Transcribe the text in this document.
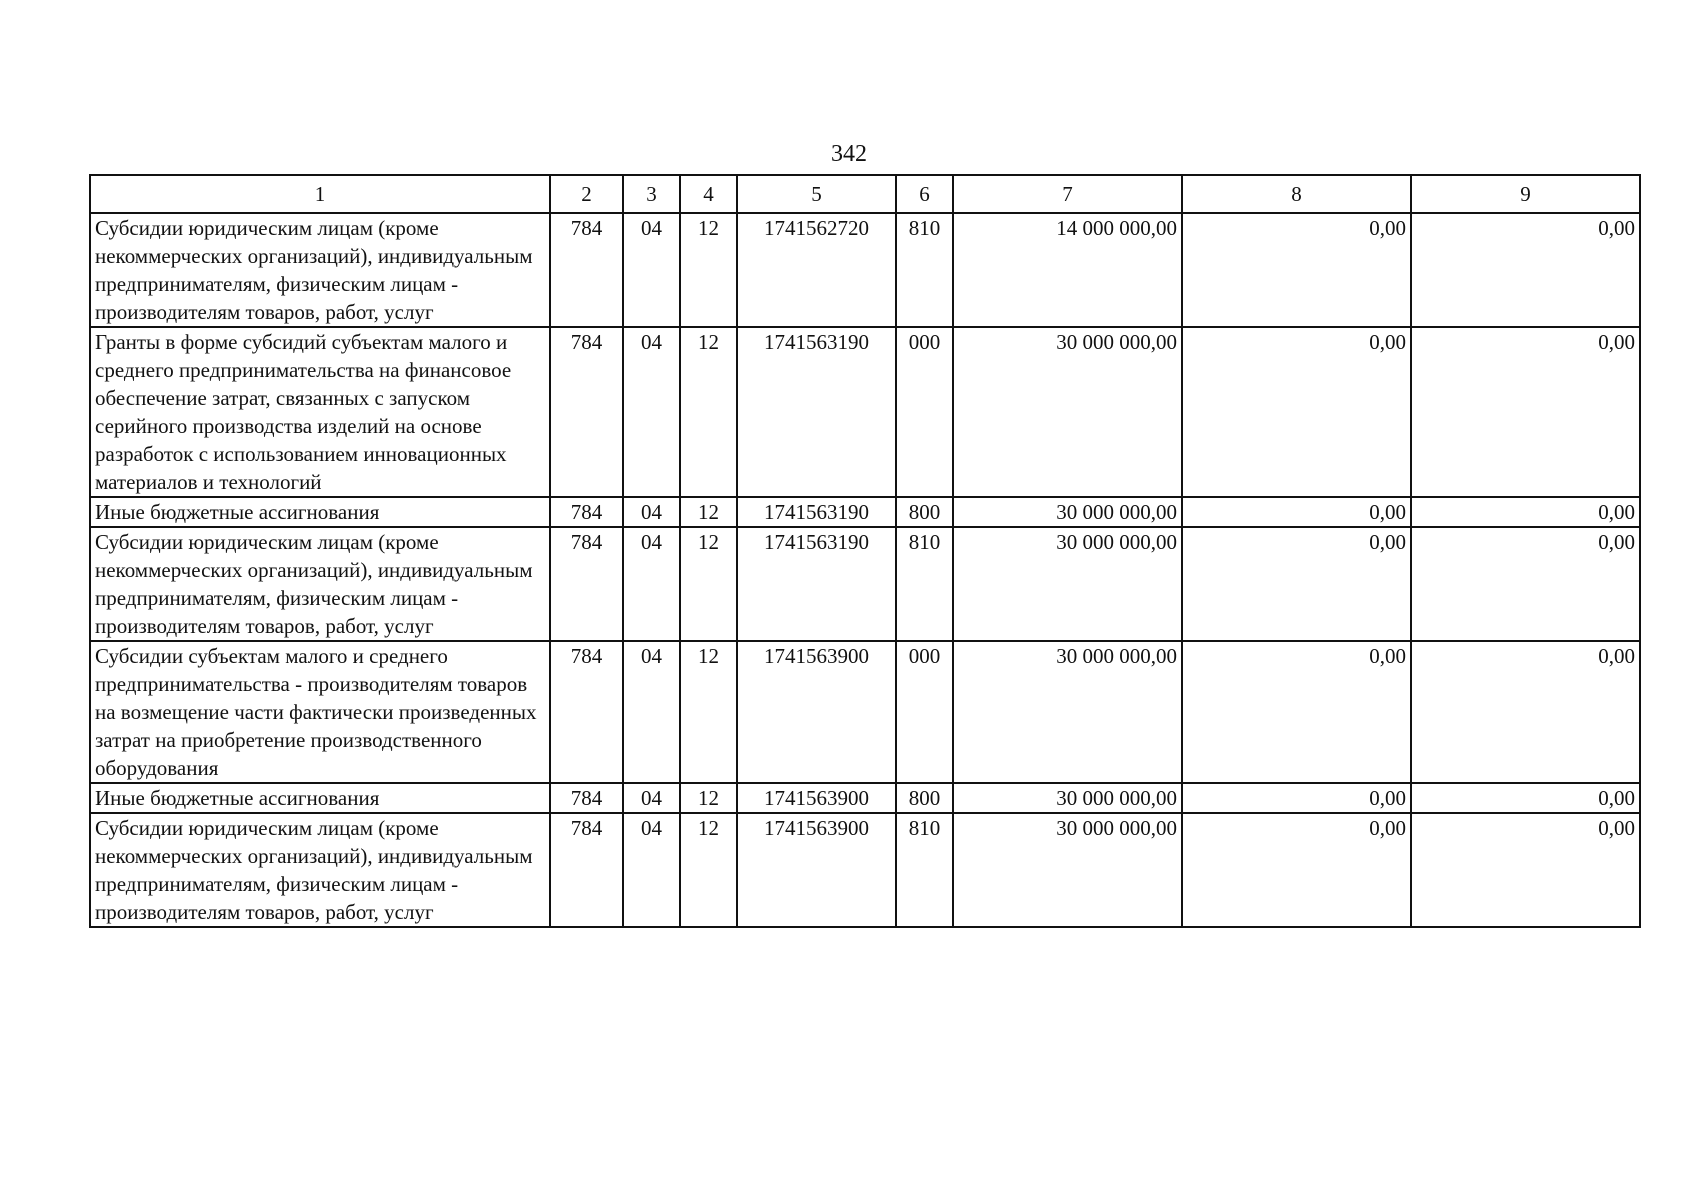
342
1	2	3	4	5	6	7	8	9
Субсидии юридическим лицам (кроме некоммерческих организаций), индивидуальным предпринимателям, физическим лицам - производителям товаров, работ, услуг	784	04	12	1741562720	810	14 000 000,00	0,00	0,00
Гранты в форме субсидий субъектам малого и среднего предпринимательства на финансовое обеспечение затрат, связанных с запуском серийного производства изделий на основе разработок с использованием инновационных материалов и технологий	784	04	12	1741563190	000	30 000 000,00	0,00	0,00
Иные бюджетные ассигнования	784	04	12	1741563190	800	30 000 000,00	0,00	0,00
Субсидии юридическим лицам (кроме некоммерческих организаций), индивидуальным предпринимателям, физическим лицам - производителям товаров, работ, услуг	784	04	12	1741563190	810	30 000 000,00	0,00	0,00
Субсидии субъектам малого и среднего предпринимательства - производителям товаров на возмещение части фактически произведенных затрат на приобретение производственного оборудования	784	04	12	1741563900	000	30 000 000,00	0,00	0,00
Иные бюджетные ассигнования	784	04	12	1741563900	800	30 000 000,00	0,00	0,00
Субсидии юридическим лицам (кроме некоммерческих организаций), индивидуальным предпринимателям, физическим лицам - производителям товаров, работ, услуг	784	04	12	1741563900	810	30 000 000,00	0,00	0,00
